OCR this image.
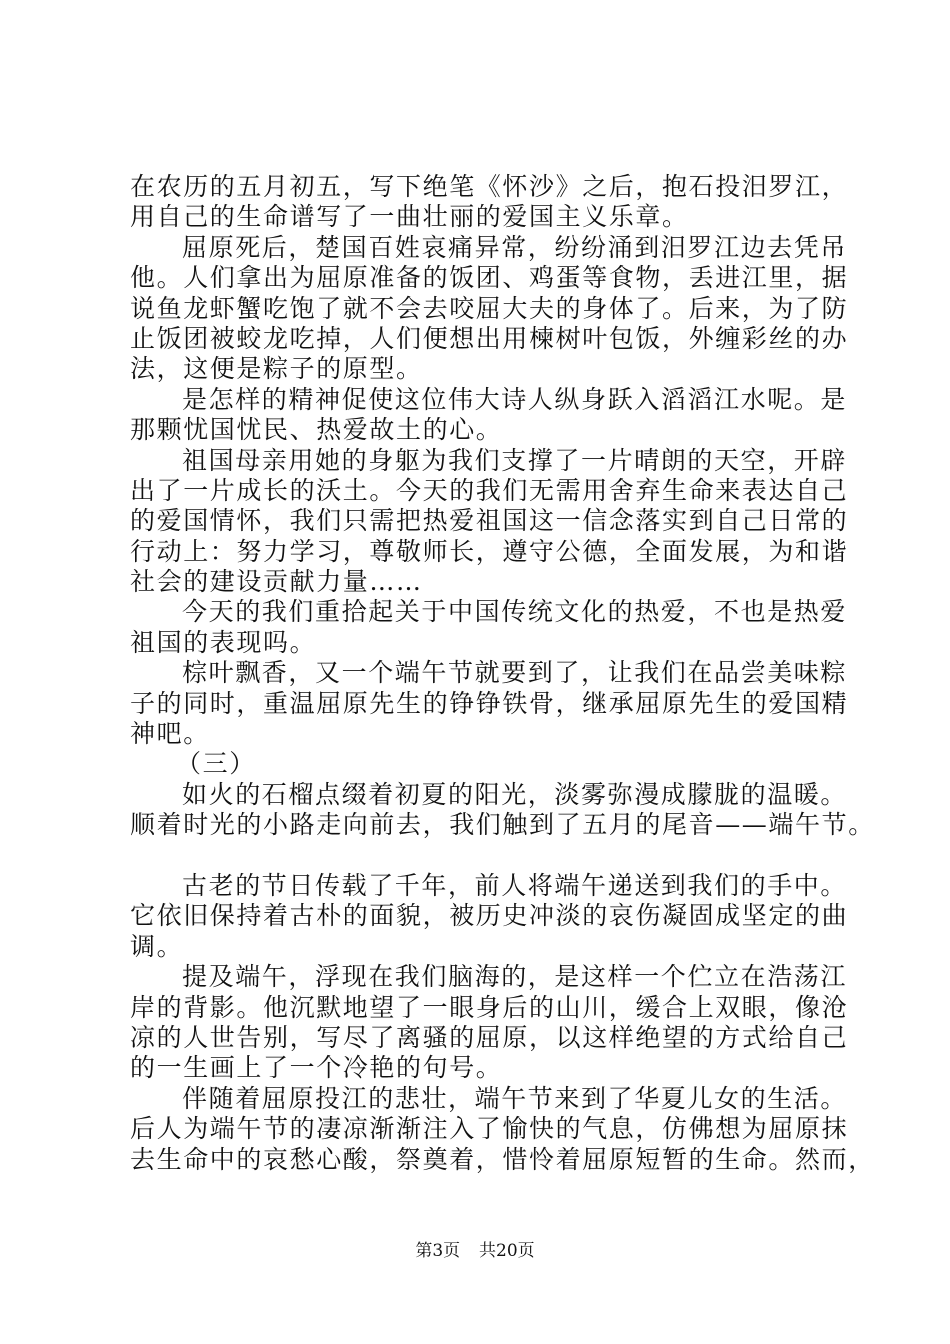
在农历的五月初五，写下绝笔《怀沙》之后，抱石投汨罗江，
用自己的生命谱写了一曲壮丽的爱国主义乐章。
屈原死后，楚国百姓哀痛异常，纷纷涌到汨罗江边去凭吊
他。人们拿出为屈原准备的饭团、鸡蛋等食物，丢进江里，据
说鱼龙虾蟹吃饱了就不会去咬屈大夫的身体了。后来，为了防
止饭团被蛟龙吃掉，人们便想出用楝树叶包饭，外缠彩丝的办
法，这便是粽子的原型。
是怎样的精神促使这位伟大诗人纵身跃入滔滔江水呢。是
那颗忧国忧民、热爱故土的心。
祖国母亲用她的身躯为我们支撑了一片晴朗的天空，开辟
出了一片成长的沃土。今天的我们无需用舍弃生命来表达自己
的爱国情怀，我们只需把热爱祖国这一信念落实到自己日常的
行动上：努力学习，尊敬师长，遵守公德，全面发展，为和谐
社会的建设贡献力量……
今天的我们重拾起关于中国传统文化的热爱，不也是热爱
祖国的表现吗。
棕叶飘香，又一个端午节就要到了，让我们在品尝美味粽
子的同时，重温屈原先生的铮铮铁骨，继承屈原先生的爱国精
神吧。
（三）
如火的石榴点缀着初夏的阳光，淡雾弥漫成朦胧的温暖。
顺着时光的小路走向前去，我们触到了五月的尾音——端午节。
古老的节日传载了千年，前人将端午递送到我们的手中。
它依旧保持着古朴的面貌，被历史冲淡的哀伤凝固成坚定的曲
调。
提及端午，浮现在我们脑海的，是这样一个伫立在浩荡江
岸的背影。他沉默地望了一眼身后的山川，缓合上双眼，像沧
凉的人世告别，写尽了离骚的屈原，以这样绝望的方式给自己
的一生画上了一个冷艳的句号。
伴随着屈原投江的悲壮，端午节来到了华夏儿女的生活。
后人为端午节的凄凉渐渐注入了愉快的气息，仿佛想为屈原抹
去生命中的哀愁心酸，祭奠着，惜怜着屈原短暂的生命。然而，
第3页 共20页
